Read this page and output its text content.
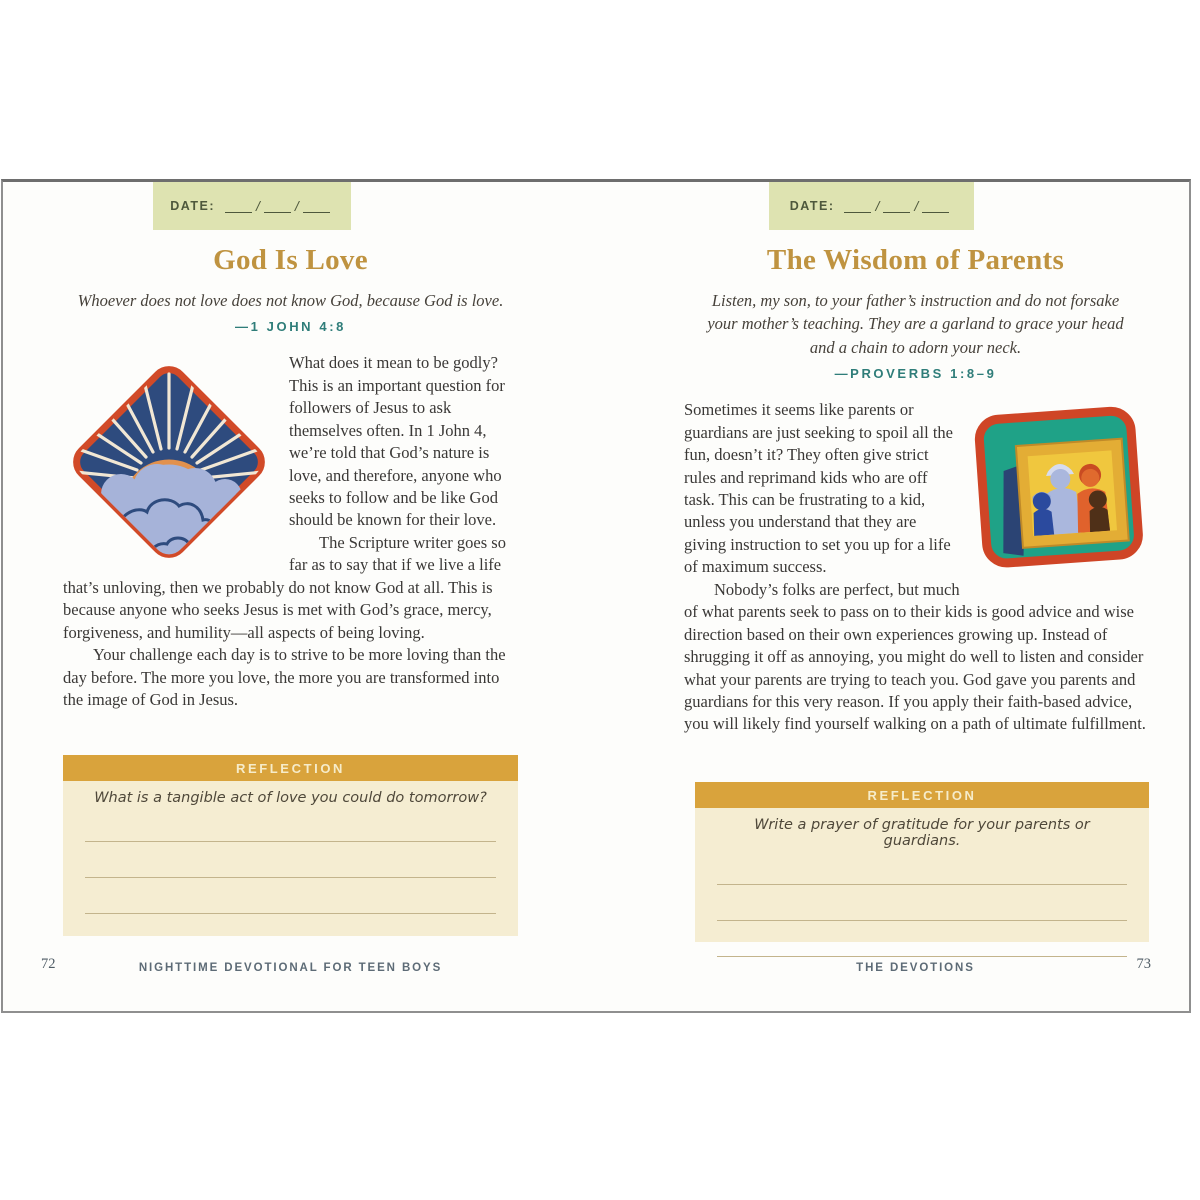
DATE:	/	/
God Is Love

Whoever does not love does not know God, because God is love.

—1 JOHN 4:8

What does it mean to be godly? This is an important question for followers of Jesus to ask themselves often. In 1 John 4, we’re told that God’s nature is love, and therefore, anyone who seeks to follow and be like God should be known for their love.

The Scripture writer goes so far as to say that if we live a life that’s unloving, then we probably do not know God at all. This is because anyone who seeks Jesus is met with God’s grace, mercy, forgiveness, and humility—all aspects of being loving.

Your challenge each day is to strive to be more loving than the day before. The more you love, the more you are transformed into the image of God in Jesus.

REFLECTION

What is a tangible act of love you could do tomorrow?

72	NIGHTTIME DEVOTIONAL FOR TEEN BOYS
DATE:	/	/
The Wisdom of Parents

Listen, my son, to your father’s instruction and do not forsake your mother’s teaching. They are a garland to grace your head and a chain to adorn your neck.

—PROVERBS 1:8–9

Sometimes it seems like parents or guardians are just seeking to spoil all the fun, doesn’t it? They often give strict rules and reprimand kids who are off task. This can be frustrating to a kid, unless you understand that they are giving instruction to set you up for a life of maximum success.

Nobody’s folks are perfect, but much of what parents seek to pass on to their kids is good advice and wise direction based on their own experiences growing up. Instead of shrugging it off as annoying, you might do well to listen and consider what your parents are trying to teach you. God gave you parents and guardians for this very reason. If you apply their faith-based advice, you will likely find yourself walking on a path of ultimate fulfillment.

REFLECTION

Write a prayer of gratitude for your parents or guardians.

73
THE DEVOTIONS
